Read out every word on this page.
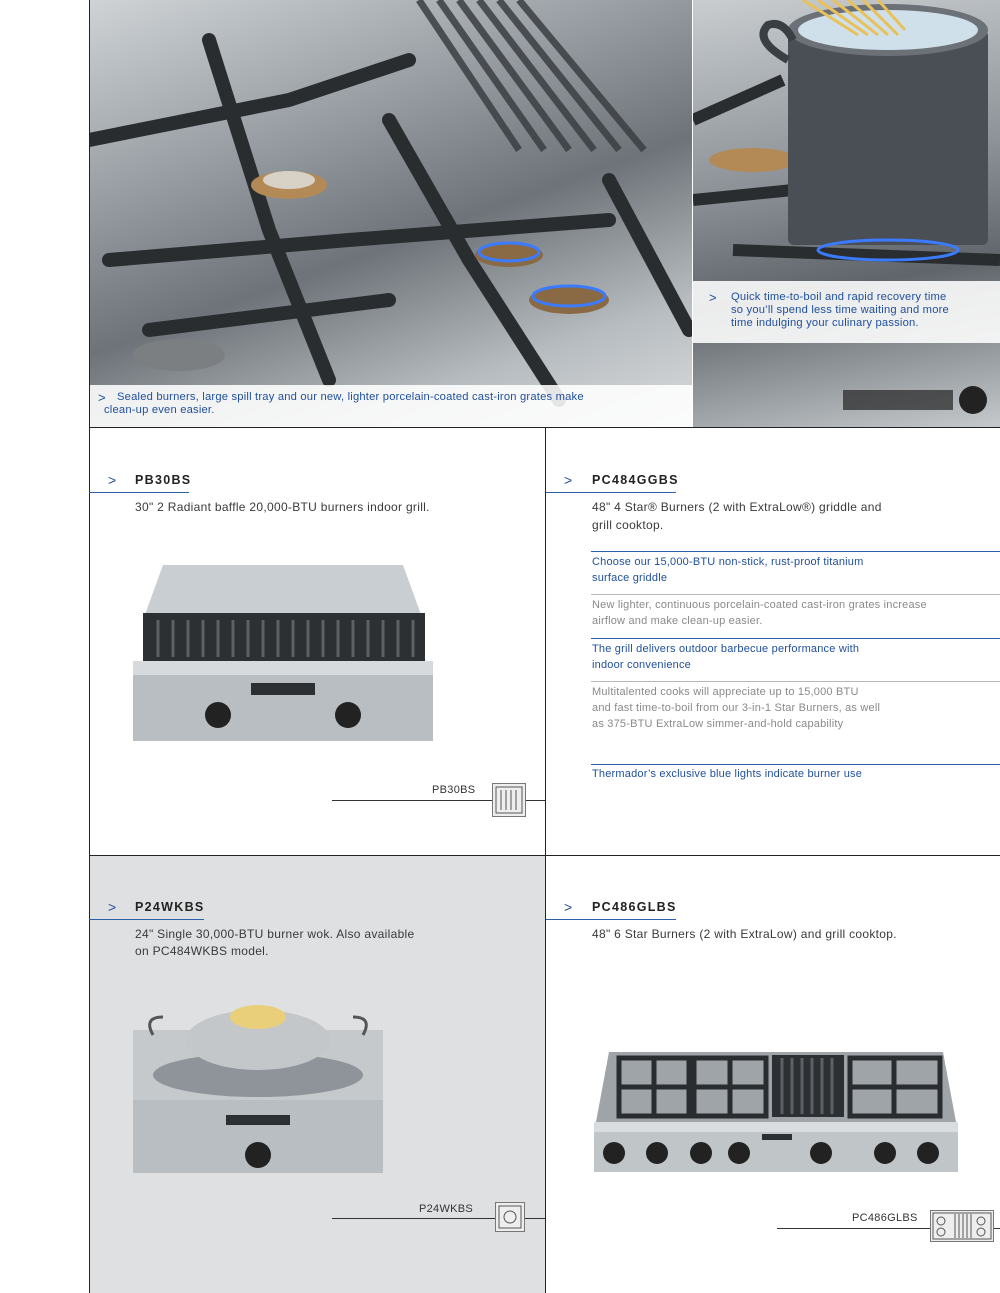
> Sealed burners, large spill tray and our new, lighter porcelain-coated cast-iron grates make
clean-up even easier.
> Quick time-to-boil and rapid recovery time
so you’ll spend less time waiting and more
time indulging your culinary passion.
> PB30BS
30" 2 Radiant baffle 20,000-BTU burners indoor grill.
PB30BS
> PC484GGBS
48" 4 Star® Burners (2 with ExtraLow®) griddle and
grill cooktop.
Choose our 15,000-BTU non-stick, rust-proof titanium
surface griddle
New lighter, continuous porcelain-coated cast-iron grates increase
airflow and make clean-up easier.
The grill delivers outdoor barbecue performance with
indoor convenience
Multitalented cooks will appreciate up to 15,000 BTU
and fast time-to-boil from our 3-in-1 Star Burners, as well
as 375-BTU ExtraLow simmer-and-hold capability
Thermador’s exclusive blue lights indicate burner use
> P24WKBS
24" Single 30,000-BTU burner wok. Also available
on PC484WKBS model.
P24WKBS
> PC486GLBS
48" 6 Star Burners (2 with ExtraLow) and grill cooktop.
PC486GLBS
